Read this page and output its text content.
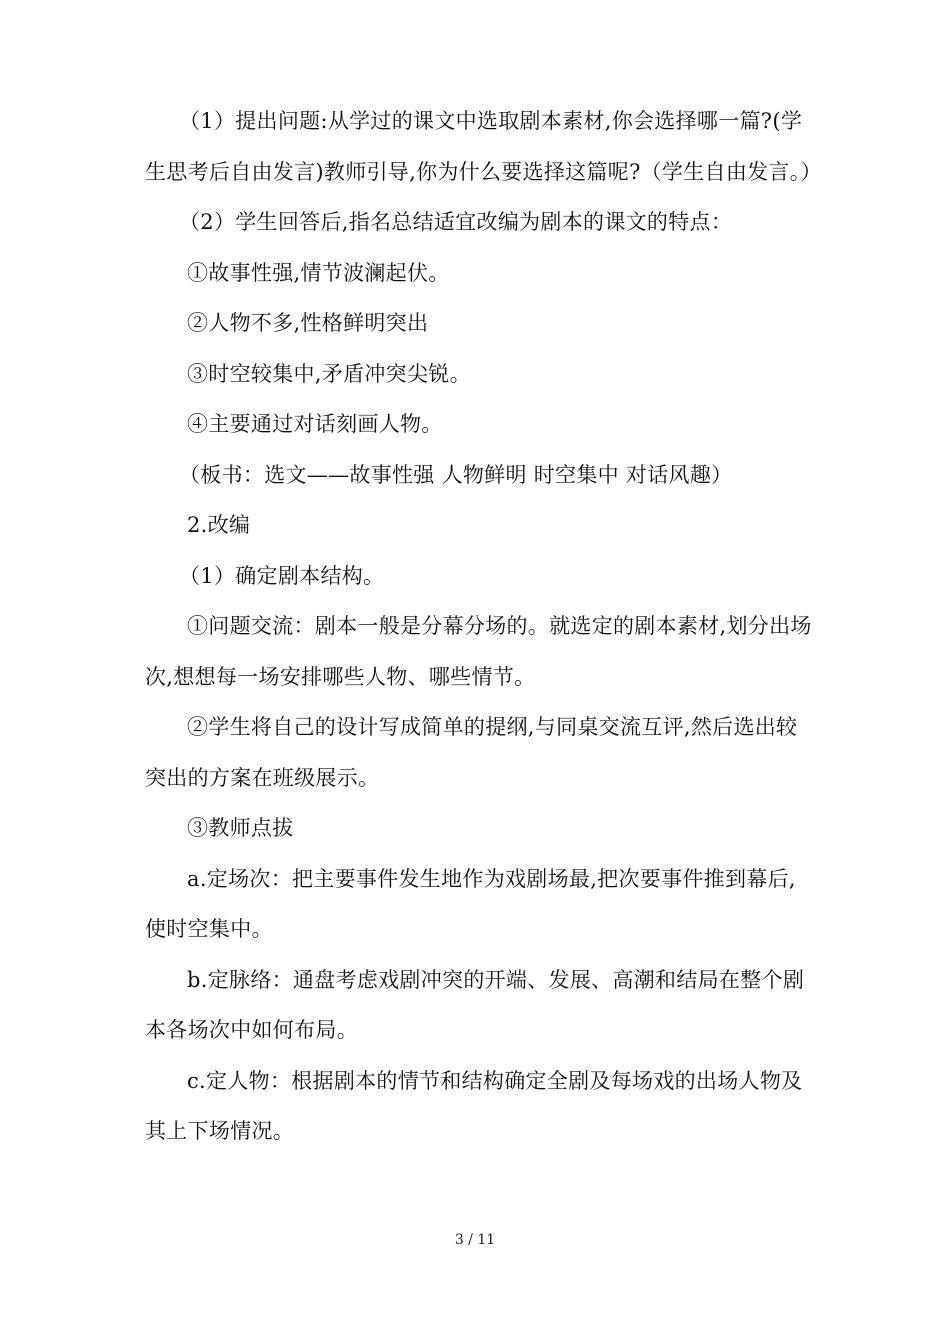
（1）提出问题:从学过的课文中选取剧本素材,你会选择哪一篇?(学生思考后自由发言)教师引导,你为什么要选择这篇呢?（学生自由发言。）

（2）学生回答后,指名总结适宜改编为剧本的课文的特点：

①故事性强,情节波澜起伏。

②人物不多,性格鲜明突出

③时空较集中,矛盾冲突尖锐。

④主要通过对话刻画人物。

（板书：选文——故事性强 人物鲜明 时空集中 对话风趣）

2.改编

（1）确定剧本结构。

①问题交流：剧本一般是分幕分场的。就选定的剧本素材,划分出场次,想想每一场安排哪些人物、哪些情节。

②学生将自己的设计写成简单的提纲,与同桌交流互评,然后选出较突出的方案在班级展示。

③教师点拔

a.定场次：把主要事件发生地作为戏剧场最,把次要事件推到幕后,使时空集中。

b.定脉络：通盘考虑戏剧冲突的开端、发展、高潮和结局在整个剧本各场次中如何布局。

c.定人物：根据剧本的情节和结构确定全剧及每场戏的出场人物及其上下场情况。

3 / 11
